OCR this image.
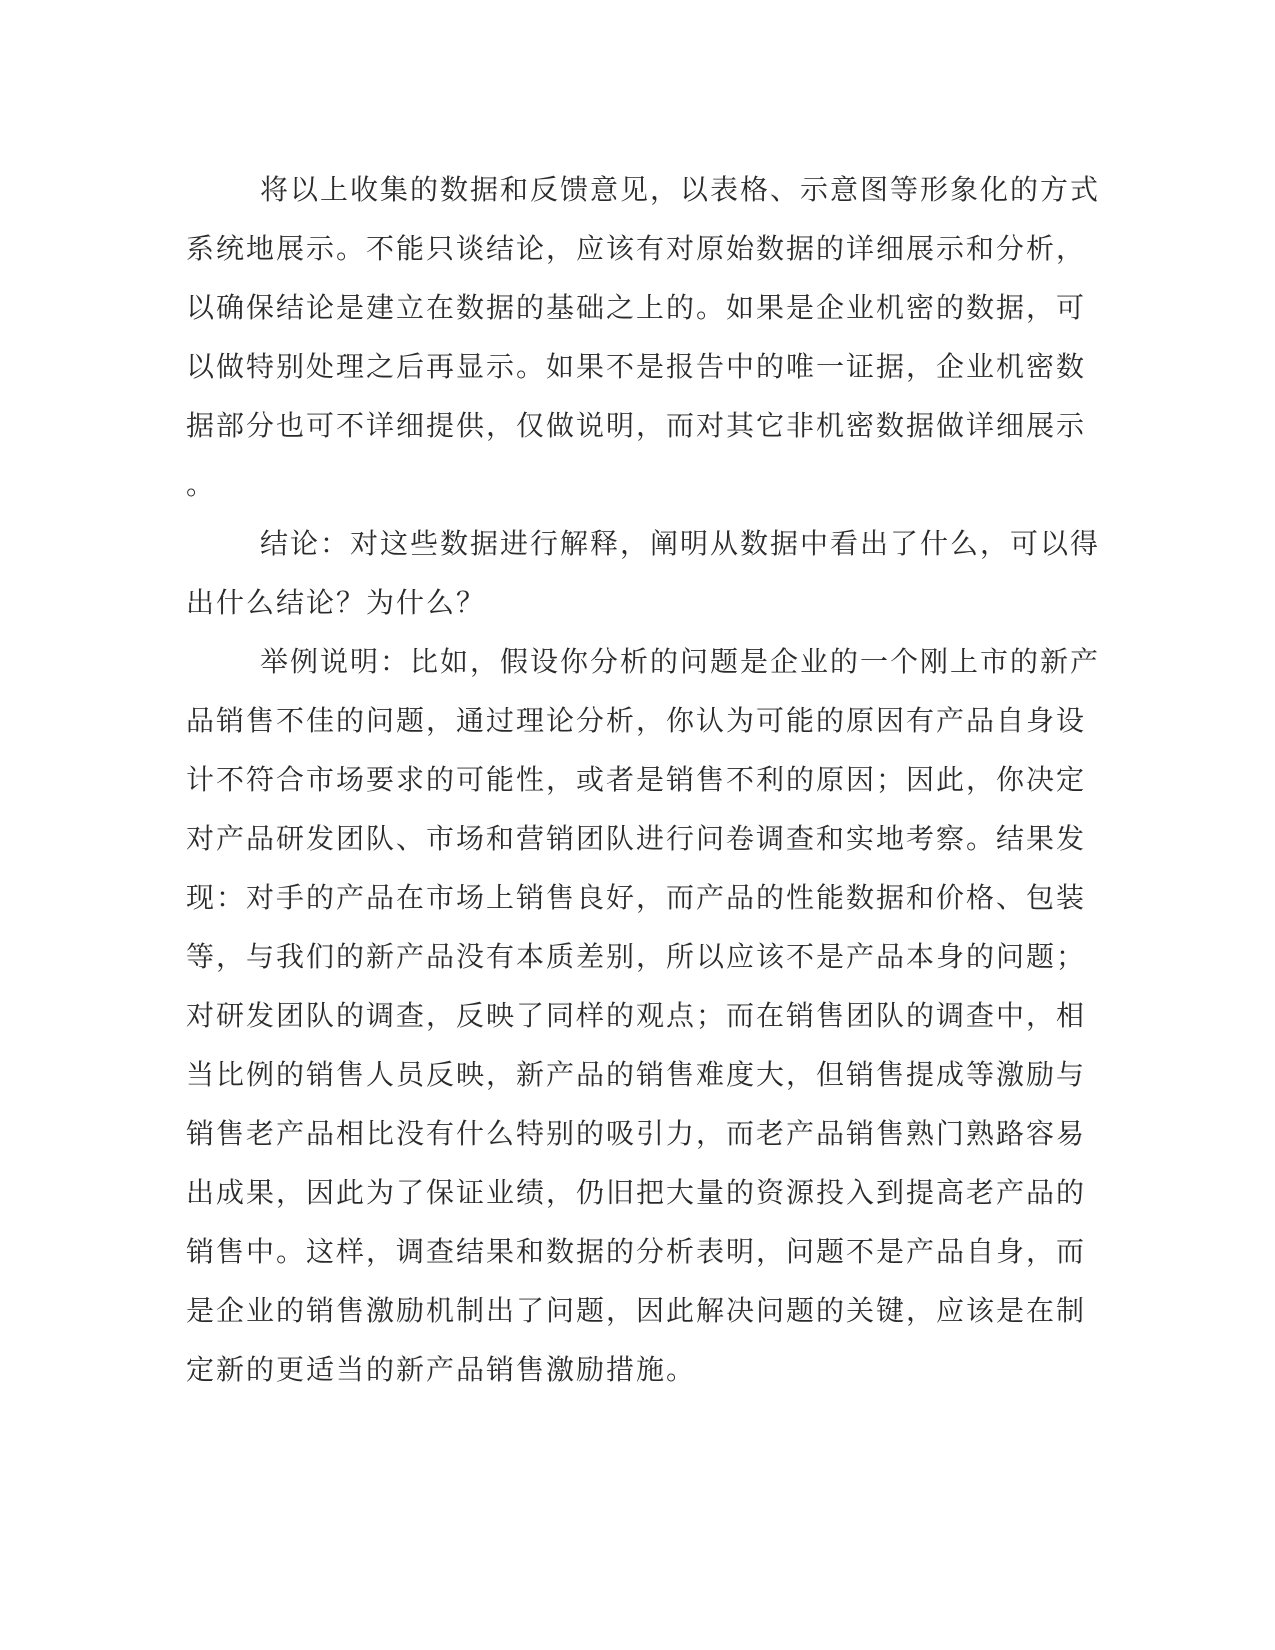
将以上收集的数据和反馈意见，以表格、示意图等形象化的方式
系统地展示。不能只谈结论，应该有对原始数据的详细展示和分析，
以确保结论是建立在数据的基础之上的。如果是企业机密的数据，可
以做特别处理之后再显示。如果不是报告中的唯一证据，企业机密数
据部分也可不详细提供，仅做说明，而对其它非机密数据做详细展示
。
结论：对这些数据进行解释，阐明从数据中看出了什么，可以得
出什么结论？为什么？
举例说明：比如，假设你分析的问题是企业的一个刚上市的新产
品销售不佳的问题，通过理论分析，你认为可能的原因有产品自身设
计不符合市场要求的可能性，或者是销售不利的原因；因此，你决定
对产品研发团队、市场和营销团队进行问卷调查和实地考察。结果发
现：对手的产品在市场上销售良好，而产品的性能数据和价格、包装
等，与我们的新产品没有本质差别，所以应该不是产品本身的问题；
对研发团队的调查，反映了同样的观点；而在销售团队的调查中，相
当比例的销售人员反映，新产品的销售难度大，但销售提成等激励与
销售老产品相比没有什么特别的吸引力，而老产品销售熟门熟路容易
出成果，因此为了保证业绩，仍旧把大量的资源投入到提高老产品的
销售中。这样，调查结果和数据的分析表明，问题不是产品自身，而
是企业的销售激励机制出了问题，因此解决问题的关键，应该是在制
定新的更适当的新产品销售激励措施。
